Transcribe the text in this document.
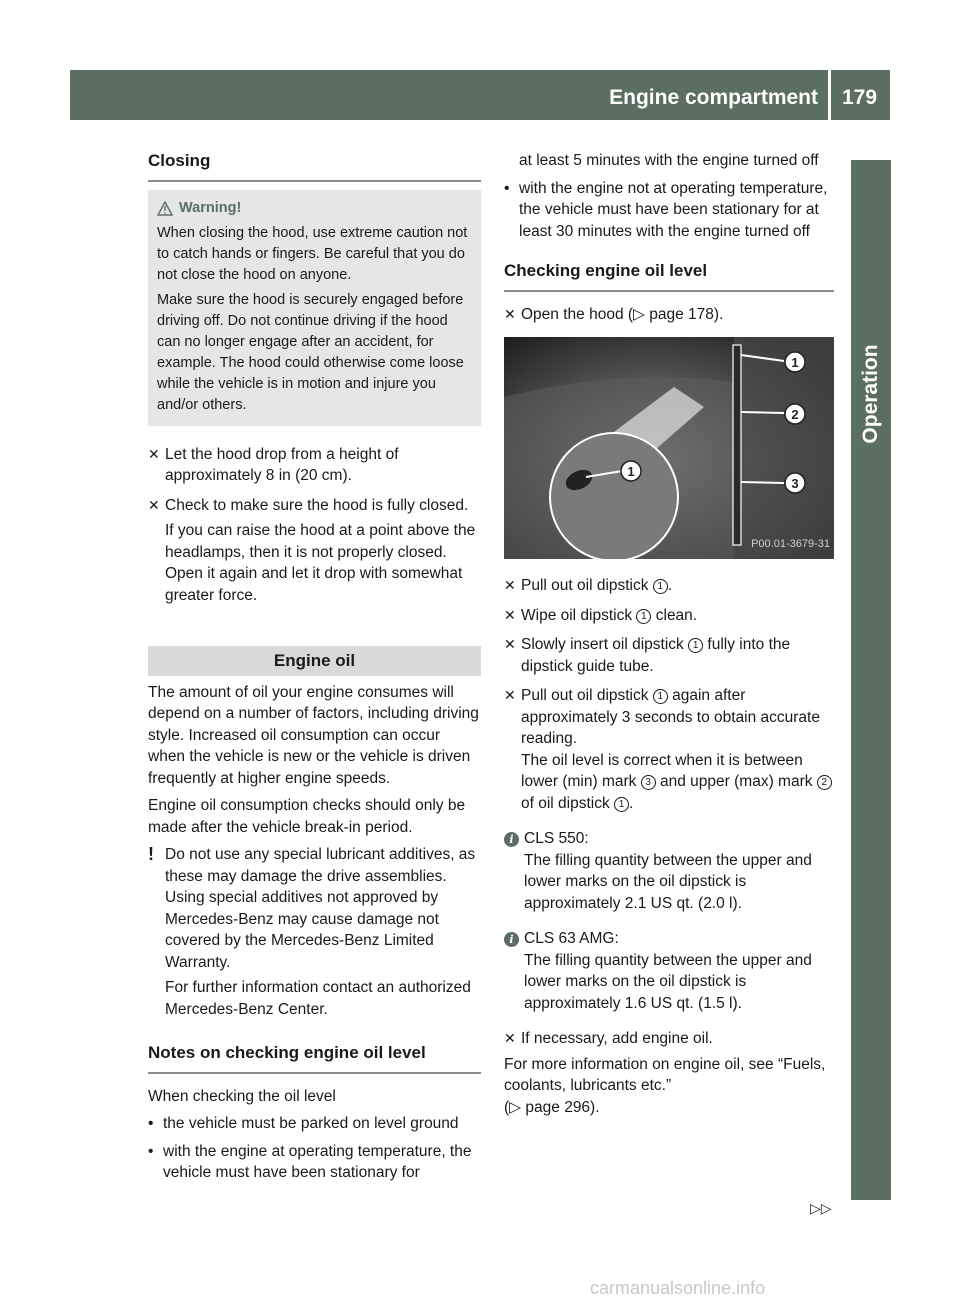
Engine compartment 179
Operation
Closing
Warning!

When closing the hood, use extreme caution not to catch hands or fingers. Be careful that you do not close the hood on anyone.

Make sure the hood is securely engaged before driving off. Do not continue driving if the hood can no longer engage after an accident, for example. The hood could otherwise come loose while the vehicle is in motion and injure you and/or others.

✕ Let the hood drop from a height of approximately 8 in (20 cm).

✕ Check to make sure the hood is fully closed.

If you can raise the hood at a point above the headlamps, then it is not properly closed. Open it again and let it drop with somewhat greater force.

Engine oil

The amount of oil your engine consumes will depend on a number of factors, including driving style. Increased oil consumption can occur when the vehicle is new or the vehicle is driven frequently at higher engine speeds.

Engine oil consumption checks should only be made after the vehicle break-in period.

! Do not use any special lubricant additives, as these may damage the drive assemblies. Using special additives not approved by Mercedes-Benz may cause damage not covered by the Mercedes-Benz Limited Warranty.

For further information contact an authorized Mercedes-Benz Center.

Notes on checking engine oil level

When checking the oil level

• the vehicle must be parked on level ground
• with the engine at operating temperature, the vehicle must have been stationary for
at least 5 minutes with the engine turned off
• with the engine not at operating temperature, the vehicle must have been stationary for at least 30 minutes with the engine turned off
Checking engine oil level
✕ Open the hood (▷ page 178).

1
1
2
3
P00.01-3679-31
✕ Pull out oil dipstick 1 .

✕ Wipe oil dipstick 1 clean.

✕ Slowly insert oil dipstick 1 fully into the dipstick guide tube.

✕ Pull out oil dipstick 1 again after approximately 3 seconds to obtain accurate reading.
The oil level is correct when it is between lower (min) mark 3 and upper (max) mark 2 of oil dipstick 1 .

i CLS 550:
The filling quantity between the upper and lower marks on the oil dipstick is approximately 2.1 US qt. (2.0 l).
i CLS 63 AMG:
The filling quantity between the upper and lower marks on the oil dipstick is approximately 1.6 US qt. (1.5 l).
✕ If necessary, add engine oil.

For more information on engine oil, see “Fuels, coolants, lubricants etc.”
(▷ page 296).

▷▷
carmanualsonline.info
